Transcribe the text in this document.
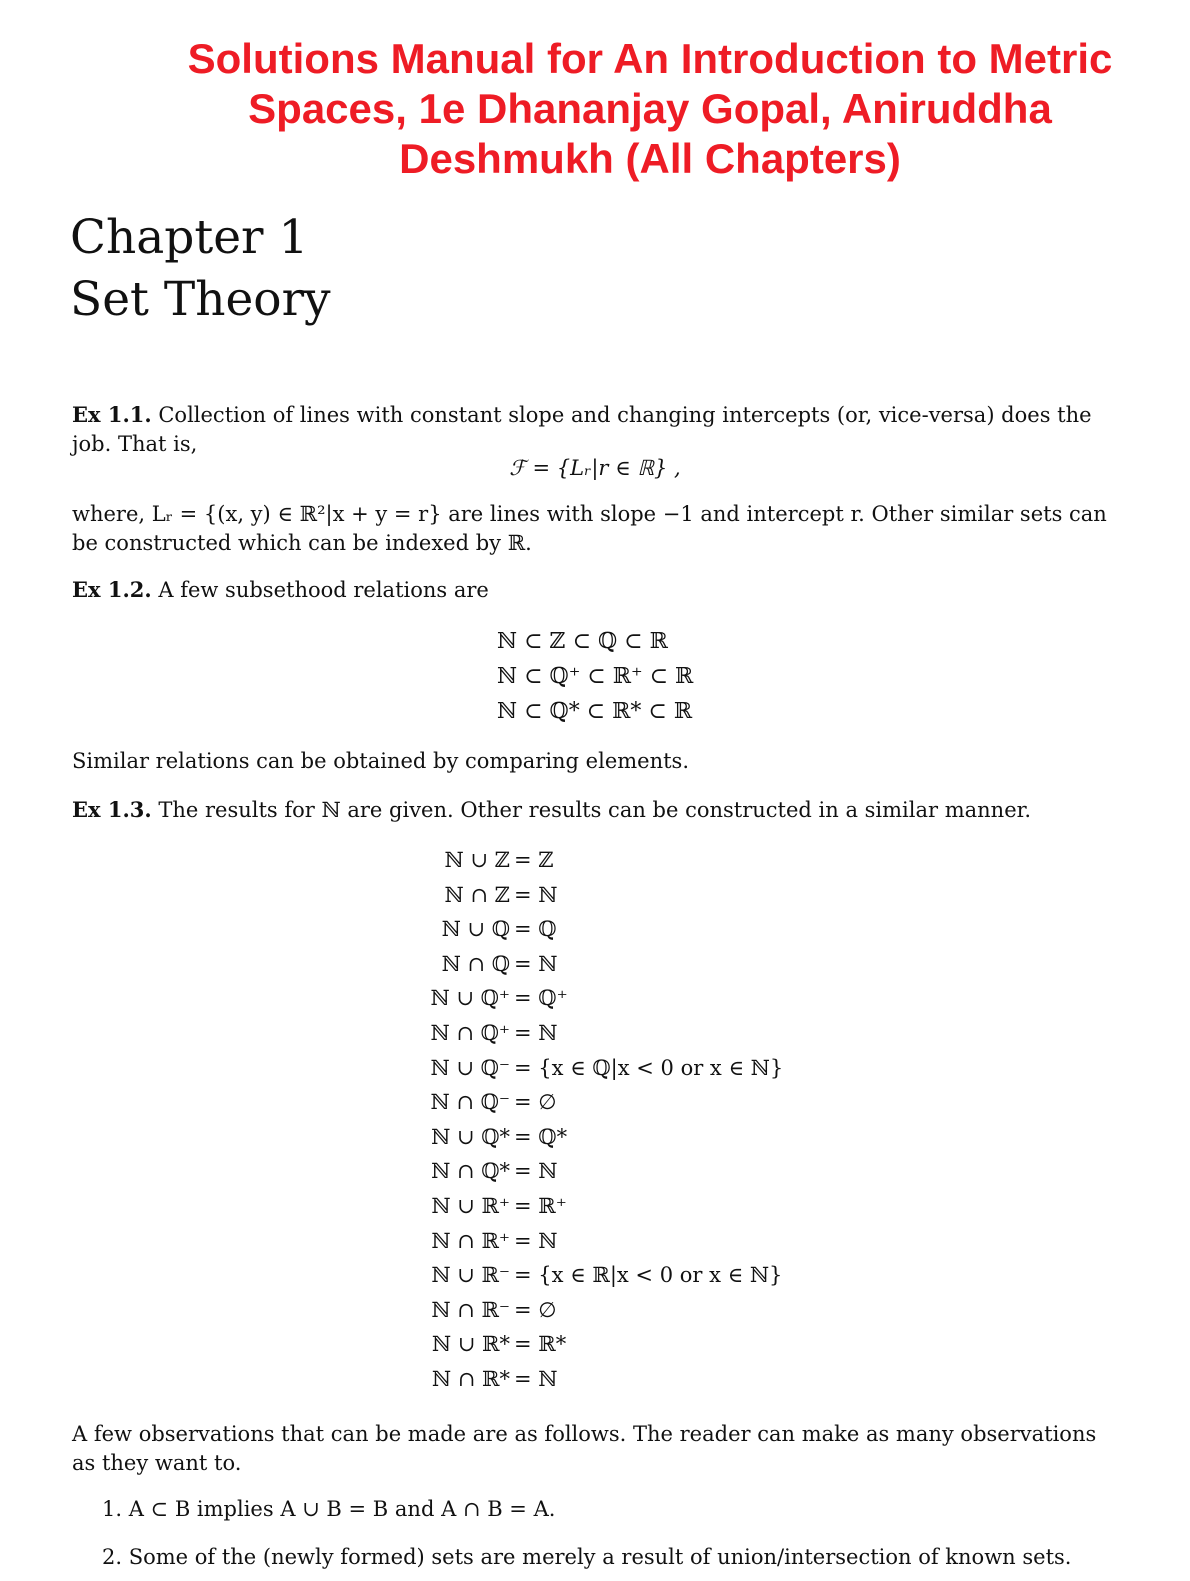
Solutions Manual for An Introduction to Metric
Spaces, 1e Dhananjay Gopal, Aniruddha
Deshmukh (All Chapters)
Chapter 1
Set Theory
Ex 1.1. Collection of lines with constant slope and changing intercepts (or, vice-versa) does the job. That is,
ℱ = {Lᵣ|r ∈ ℝ} ,
where, Lᵣ = {(x, y) ∈ ℝ²|x + y = r} are lines with slope −1 and intercept r. Other similar sets can be constructed which can be indexed by ℝ.
Ex 1.2. A few subsethood relations are
ℕ ⊂ ℤ ⊂ ℚ ⊂ ℝ
ℕ ⊂ ℚ⁺ ⊂ ℝ⁺ ⊂ ℝ
ℕ ⊂ ℚ* ⊂ ℝ* ⊂ ℝ
Similar relations can be obtained by comparing elements.
Ex 1.3. The results for ℕ are given. Other results can be constructed in a similar manner.
ℕ ∪ ℤ = ℤ
ℕ ∩ ℤ = ℕ
ℕ ∪ ℚ = ℚ
ℕ ∩ ℚ = ℕ
ℕ ∪ ℚ⁺ = ℚ⁺
ℕ ∩ ℚ⁺ = ℕ
ℕ ∪ ℚ⁻ = {x ∈ ℚ|x < 0 or x ∈ ℕ}
ℕ ∩ ℚ⁻ = ∅
ℕ ∪ ℚ* = ℚ*
ℕ ∩ ℚ* = ℕ
ℕ ∪ ℝ⁺ = ℝ⁺
ℕ ∩ ℝ⁺ = ℕ
ℕ ∪ ℝ⁻ = {x ∈ ℝ|x < 0 or x ∈ ℕ}
ℕ ∩ ℝ⁻ = ∅
ℕ ∪ ℝ* = ℝ*
ℕ ∩ ℝ* = ℕ
A few observations that can be made are as follows. The reader can make as many observations as they want to.
1. A ⊂ B implies A ∪ B = B and A ∩ B = A.
2. Some of the (newly formed) sets are merely a result of union/intersection of known sets.
